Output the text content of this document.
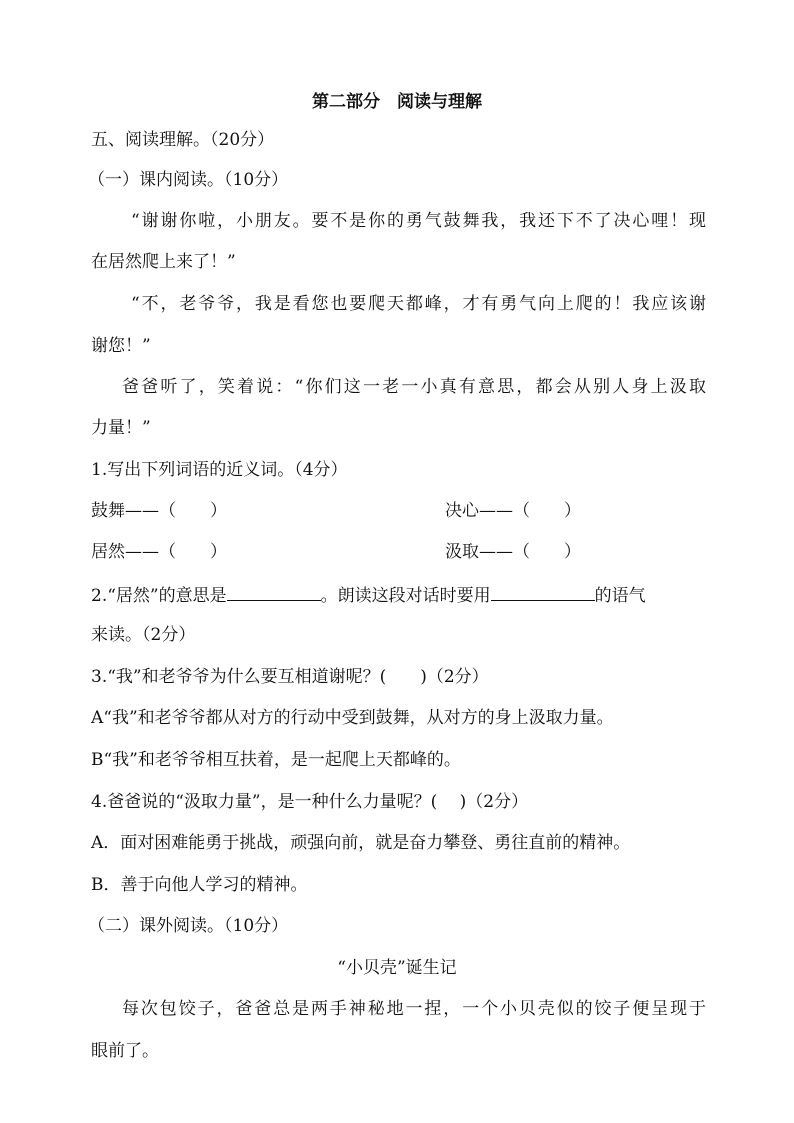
第二部分　阅读与理解
五、阅读理解。（20分）
（一）课内阅读。（10分）
“谢谢你啦，小朋友。要不是你的勇气鼓舞我，我还下不了决心哩！现
在居然爬上来了！”
“不，老爷爷，我是看您也要爬天都峰，才有勇气向上爬的！我应该谢
谢您！”
爸爸听了，笑着说：“你们这一老一小真有意思，都会从别人身上汲取
力量！”
1.写出下列词语的近义词。（4分）
鼓舞——（　　）	决心——（　　）
居然——（　　）	汲取——（　　）
2.“居然”的意思是	。朗读这段对话时要用	的语气
来读。（2分）
3.“我”和老爷爷为什么要互相道谢呢？(　　)（2分）
A“我”和老爷爷都从对方的行动中受到鼓舞，从对方的身上汲取力量。
B“我”和老爷爷相互扶着，是一起爬上天都峰的。
4.爸爸说的“汲取力量”，是一种什么力量呢？(　 )（2分）
A．面对困难能勇于挑战，顽强向前，就是奋力攀登、勇往直前的精神。
B．善于向他人学习的精神。
（二）课外阅读。（10分）
“小贝壳”诞生记
每次包饺子，爸爸总是两手神秘地一捏，一个小贝壳似的饺子便呈现于
眼前了。
